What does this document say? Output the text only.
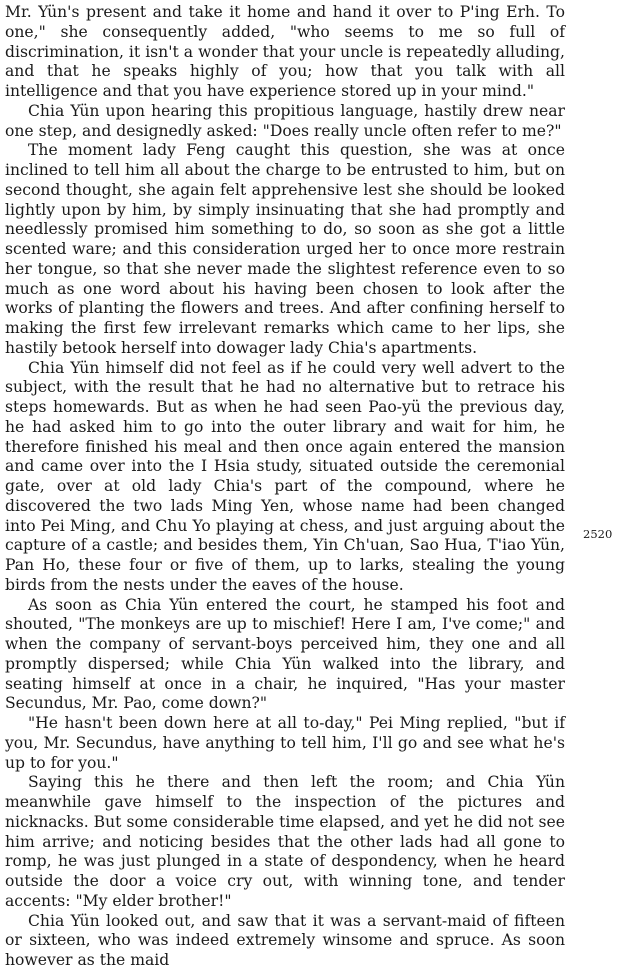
Mr. Yün's present and take it home and hand it over to P'ing Erh. To one," she consequently added, "who seems to me so full of discrimination, it isn't a wonder that your uncle is repeatedly alluding, and that he speaks highly of you; how that you talk with all intelligence and that you have experience stored up in your mind."

Chia Yün upon hearing this propitious language, hastily drew near one step, and designedly asked: "Does really uncle often refer to me?"

The moment lady Feng caught this question, she was at once inclined to tell him all about the charge to be entrusted to him, but on second thought, she again felt apprehensive lest she should be looked lightly upon by him, by simply insinuating that she had promptly and needlessly promised him something to do, so soon as she got a little scented ware; and this consideration urged her to once more restrain her tongue, so that she never made the slightest reference even to so much as one word about his having been chosen to look after the works of planting the flowers and trees. And after confining herself to making the first few irrelevant remarks which came to her lips, she hastily betook herself into dowager lady Chia's apartments.

Chia Yün himself did not feel as if he could very well advert to the subject, with the result that he had no alternative but to retrace his steps homewards. But as when he had seen Pao-yü the previous day, he had asked him to go into the outer library and wait for him, he therefore finished his meal and then once again entered the mansion and came over into the I Hsia study, situated outside the ceremonial gate, over at old lady Chia's part of the compound, where he discovered the two lads Ming Yen, whose name had been changed into Pei Ming, and Chu Yo playing at chess, and just arguing about the capture of a castle; and besides them, Yin Ch'uan, Sao Hua, T'iao Yün, Pan Ho, these four or five of them, up to larks, stealing the young birds from the nests under the eaves of the house.

As soon as Chia Yün entered the court, he stamped his foot and shouted, "The monkeys are up to mischief! Here I am, I've come;" and when the company of servant-boys perceived him, they one and all promptly dispersed; while Chia Yün walked into the library, and seating himself at once in a chair, he inquired, "Has your master Secundus, Mr. Pao, come down?"

"He hasn't been down here at all to-day," Pei Ming replied, "but if you, Mr. Secundus, have anything to tell him, I'll go and see what he's up to for you."

Saying this he there and then left the room; and Chia Yün meanwhile gave himself to the inspection of the pictures and nicknacks. But some considerable time elapsed, and yet he did not see him arrive; and noticing besides that the other lads had all gone to romp, he was just plunged in a state of despondency, when he heard outside the door a voice cry out, with winning tone, and tender accents: "My elder brother!"

Chia Yün looked out, and saw that it was a servant-maid of fifteen or sixteen, who was indeed extremely winsome and spruce. As soon however as the maid

2520
